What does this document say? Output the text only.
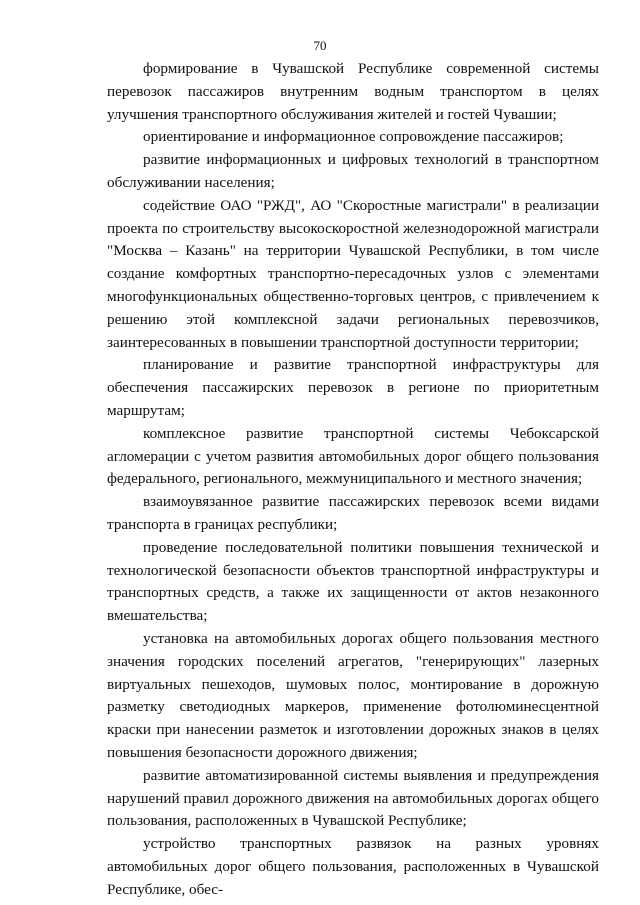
70

формирование в Чувашской Республике современной системы перевозок пассажиров внутренним водным транспортом в целях улучшения транспортного обслуживания жителей и гостей Чувашии;

ориентирование и информационное сопровождение пассажиров;

развитие информационных и цифровых технологий в транспортном обслуживании населения;

содействие ОАО "РЖД", АО "Скоростные магистрали" в реализации проекта по строительству высокоскоростной железнодорожной магистрали "Москва – Казань" на территории Чувашской Республики, в том числе создание комфортных транспортно-пересадочных узлов с элементами многофункциональных общественно-торговых центров, с привлечением к решению этой комплексной задачи региональных перевозчиков, заинтересованных в повышении транспортной доступности территории;

планирование и развитие транспортной инфраструктуры для обеспечения пассажирских перевозок в регионе по приоритетным маршрутам;

комплексное развитие транспортной системы Чебоксарской агломерации с учетом развития автомобильных дорог общего пользования федерального, регионального, межмуниципального и местного значения;

взаимоувязанное развитие пассажирских перевозок всеми видами транспорта в границах республики;

проведение последовательной политики повышения технической и технологической безопасности объектов транспортной инфраструктуры и транспортных средств, а также их защищенности от актов незаконного вмешательства;

установка на автомобильных дорогах общего пользования местного значения городских поселений агрегатов, "генерирующих" лазерных виртуальных пешеходов, шумовых полос, монтирование в дорожную разметку светодиодных маркеров, применение фотолюминесцентной краски при нанесении разметок и изготовлении дорожных знаков в целях повышения безопасности дорожного движения;

развитие автоматизированной системы выявления и предупреждения нарушений правил дорожного движения на автомобильных дорогах общего пользования, расположенных в Чувашской Республике;

устройство транспортных развязок на разных уровнях автомобильных дорог общего пользования, расположенных в Чувашской Республике, обес-
